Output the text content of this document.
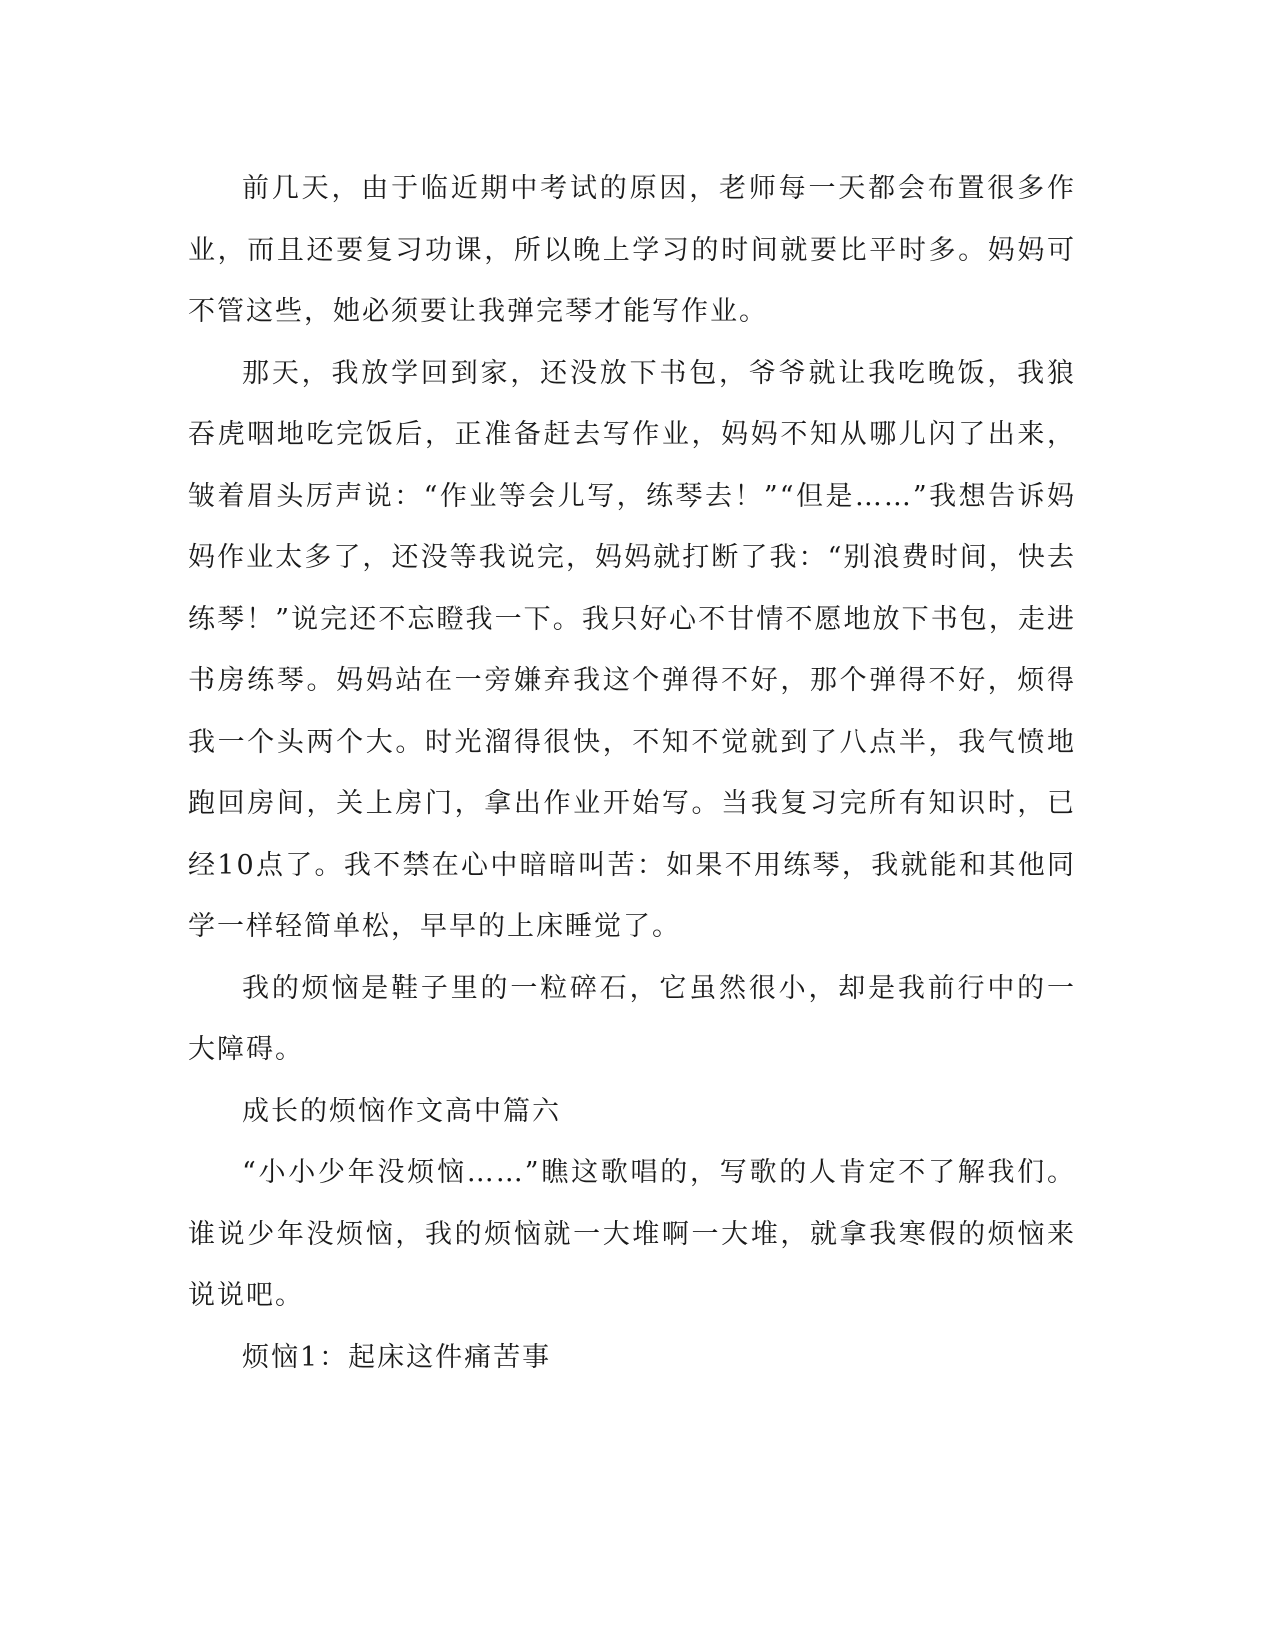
前几天，由于临近期中考试的原因，老师每一天都会布置很多作业，而且还要复习功课，所以晚上学习的时间就要比平时多。妈妈可不管这些，她必须要让我弹完琴才能写作业。

那天，我放学回到家，还没放下书包，爷爷就让我吃晚饭，我狼吞虎咽地吃完饭后，正准备赶去写作业，妈妈不知从哪儿闪了出来，皱着眉头厉声说：“作业等会儿写，练琴去！”“但是……”我想告诉妈妈作业太多了，还没等我说完，妈妈就打断了我：“别浪费时间，快去练琴！”说完还不忘瞪我一下。我只好心不甘情不愿地放下书包，走进书房练琴。妈妈站在一旁嫌弃我这个弹得不好，那个弹得不好，烦得我一个头两个大。时光溜得很快，不知不觉就到了八点半，我气愤地跑回房间，关上房门，拿出作业开始写。当我复习完所有知识时，已经10点了。我不禁在心中暗暗叫苦：如果不用练琴，我就能和其他同学一样轻简单松，早早的上床睡觉了。

我的烦恼是鞋子里的一粒碎石，它虽然很小，却是我前行中的一大障碍。

成长的烦恼作文高中篇六

“小小少年没烦恼……”瞧这歌唱的，写歌的人肯定不了解我们。谁说少年没烦恼，我的烦恼就一大堆啊一大堆，就拿我寒假的烦恼来说说吧。

烦恼1：起床这件痛苦事
